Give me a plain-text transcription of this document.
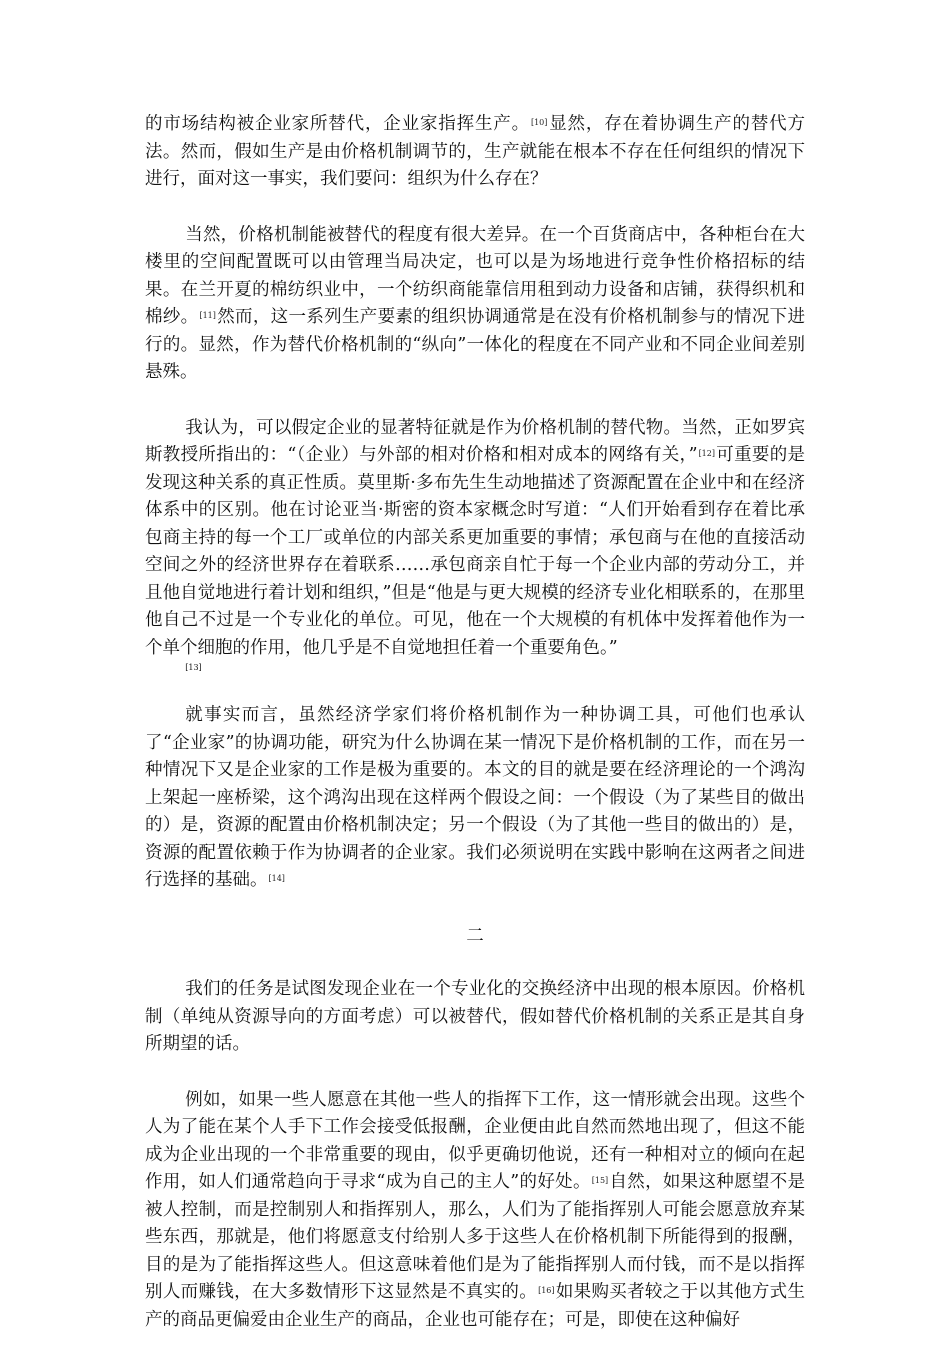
的市场结构被企业家所替代，企业家指挥生产。[10]显然，存在着协调生产的替代方法。然而，假如生产是由价格机制调节的，生产就能在根本不存在任何组织的情况下进行，面对这一事实，我们要问：组织为什么存在？

当然，价格机制能被替代的程度有很大差异。在一个百货商店中，各种柜台在大楼里的空间配置既可以由管理当局决定，也可以是为场地进行竞争性价格招标的结果。在兰开夏的棉纺织业中，一个纺织商能靠信用租到动力设备和店铺，获得织机和棉纱。[11]然而，这一系列生产要素的组织协调通常是在没有价格机制参与的情况下进行的。显然，作为替代价格机制的“纵向”一体化的程度在不同产业和不同企业间差别悬殊。

我认为，可以假定企业的显著特征就是作为价格机制的替代物。当然，正如罗宾斯教授所指出的：“（企业）与外部的相对价格和相对成本的网络有关，”[12]可重要的是发现这种关系的真正性质。莫里斯·多布先生生动地描述了资源配置在企业中和在经济体系中的区别。他在讨论亚当·斯密的资本家概念时写道：“人们开始看到存在着比承包商主持的每一个工厂或单位的内部关系更加重要的事情；承包商与在他的直接活动空间之外的经济世界存在着联系……承包商亲自忙于每一个企业内部的劳动分工，并且他自觉地进行着计划和组织，”但是“他是与更大规模的经济专业化相联系的，在那里他自己不过是一个专业化的单位。可见，他在一个大规模的有机体中发挥着他作为一个单个细胞的作用，他几乎是不自觉地担任着一个重要角色。”
[13]

就事实而言，虽然经济学家们将价格机制作为一种协调工具，可他们也承认了“企业家”的协调功能，研究为什么协调在某一情况下是价格机制的工作，而在另一种情况下又是企业家的工作是极为重要的。本文的目的就是要在经济理论的一个鸿沟上架起一座桥梁，这个鸿沟出现在这样两个假设之间：一个假设（为了某些目的做出的）是，资源的配置由价格机制决定；另一个假设（为了其他一些目的做出的）是，资源的配置依赖于作为协调者的企业家。我们必须说明在实践中影响在这两者之间进行选择的基础。[14]

二

我们的任务是试图发现企业在一个专业化的交换经济中出现的根本原因。价格机制（单纯从资源导向的方面考虑）可以被替代，假如替代价格机制的关系正是其自身所期望的话。

例如，如果一些人愿意在其他一些人的指挥下工作，这一情形就会出现。这些个人为了能在某个人手下工作会接受低报酬，企业便由此自然而然地出现了，但这不能成为企业出现的一个非常重要的现由，似乎更确切他说，还有一种相对立的倾向在起作用，如人们通常趋向于寻求“成为自己的主人”的好处。[15]自然，如果这种愿望不是被人控制，而是控制别人和指挥别人，那么，人们为了能指挥别人可能会愿意放弃某些东西，那就是，他们将愿意支付给别人多于这些人在价格机制下所能得到的报酬，目的是为了能指挥这些人。但这意味着他们是为了能指挥别人而付钱，而不是以指挥别人而赚钱，在大多数情形下这显然是不真实的。[16]如果购买者较之于以其他方式生产的商品更偏爱由企业生产的商品，企业也可能存在；可是，即使在这种偏好
